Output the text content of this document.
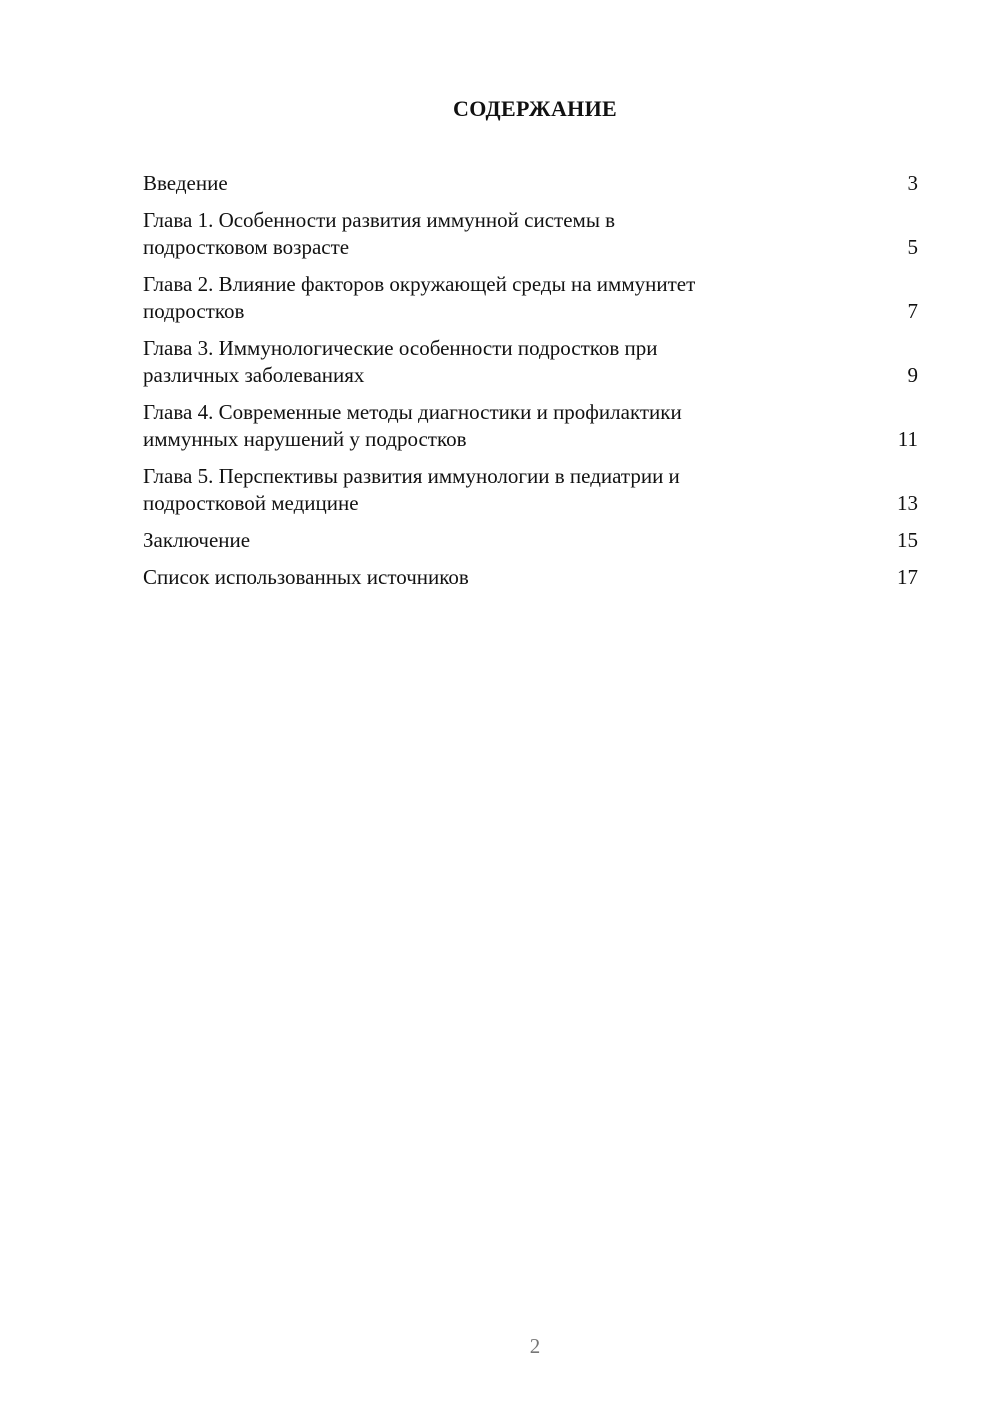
СОДЕРЖАНИЕ
Введение	3
Глава 1. Особенности развития иммунной системы в
подростковом возрасте	5
Глава 2. Влияние факторов окружающей среды на иммунитет
подростков	7
Глава 3. Иммунологические особенности подростков при
различных заболеваниях	9
Глава 4. Современные методы диагностики и профилактики
иммунных нарушений у подростков	11
Глава 5. Перспективы развития иммунологии в педиатрии и
подростковой медицине	13
Заключение	15
Список использованных источников	17
2
